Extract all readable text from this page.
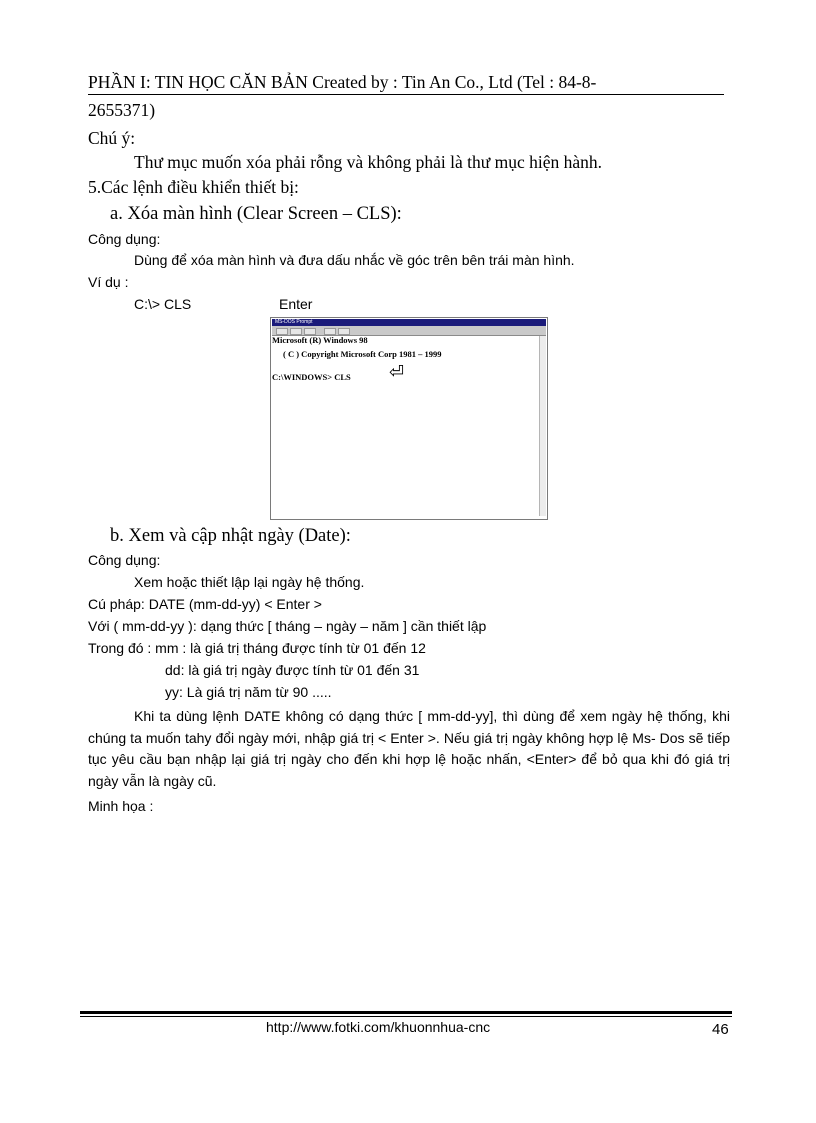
PHẦN I: TIN HỌC CĂN BẢN Created by : Tin An Co., Ltd (Tel : 84-8-
2655371)
Chú ý:
Thư mục muốn xóa phải rỗng và không phải là thư mục hiện hành.
5.Các lệnh điều khiển thiết bị:
a. Xóa màn hình (Clear Screen – CLS):
Công dụng:
Dùng để xóa màn hình và đưa dấu nhắc về góc trên bên trái màn hình.
Ví dụ :
C:\> CLS	Enter
MS-DOS Prompt
Microsoft (R) Windows 98
( C ) Copyright Microsoft Corp 1981 – 1999
C:\WINDOWS> CLS ⏎
b. Xem và cập nhật ngày (Date):
Công dụng:
Xem hoặc thiết lập lại ngày hệ thống.
Cú pháp: DATE (mm-dd-yy) < Enter >
Với ( mm-dd-yy ): dạng thức [ tháng – ngày – năm ] cần thiết lập
Trong đó : mm : là giá trị tháng được tính từ 01 đến 12
dd: là giá trị ngày được tính từ 01 đến 31
yy: Là giá trị năm từ 90 .....
Khi ta dùng lệnh DATE không có dạng thức [ mm-dd-yy], thì dùng để xem ngày hệ thống, khi chúng ta muốn tahy đổi ngày mới, nhập giá trị < Enter >. Nếu giá trị ngày không hợp lệ Ms- Dos sẽ tiếp tục yêu cầu bạn nhập lại giá trị ngày cho đến khi hợp lệ hoặc nhấn, <Enter> để bỏ qua khi đó giá trị ngày vẫn là ngày cũ.
Minh họa :
http://www.fotki.com/khuonnhua-cnc	46
